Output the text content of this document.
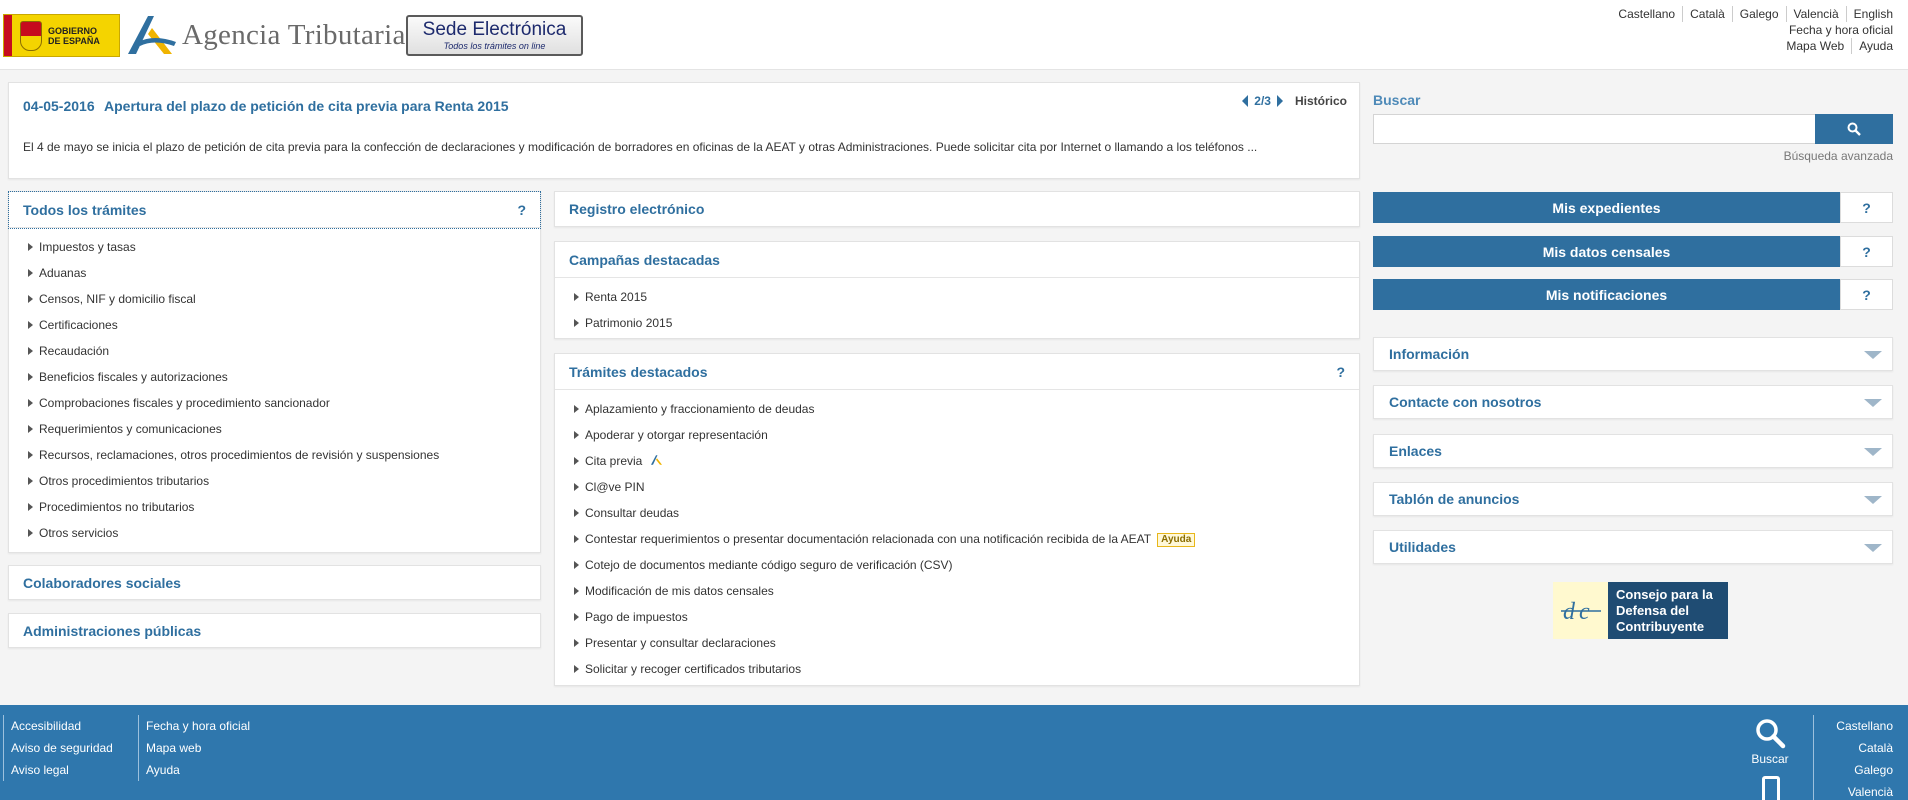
GOBIERNO DE ESPAÑA	Agencia Tributaria Sede Electrónica
Todos los trámites on line
Castellano	Català	Galego	Valencià	English
Fecha y hora oficial
Mapa Web	Ayuda
04-05-2016 Apertura del plazo de petición de cita previa para Renta 2015	2/3 Histórico
El 4 de mayo se inicia el plazo de petición de cita previa para la confección de declaraciones y modificación de borradores en oficinas de la AEAT y otras Administraciones. Puede solicitar cita por Internet o llamando a los teléfonos ...
Todos los trámites	?
Impuestos y tasas
Aduanas
Censos, NIF y domicilio fiscal
Certificaciones
Recaudación
Beneficios fiscales y autorizaciones
Comprobaciones fiscales y procedimiento sancionador
Requerimientos y comunicaciones
Recursos, reclamaciones, otros procedimientos de revisión y suspensiones
Otros procedimientos tributarios
Procedimientos no tributarios
Otros servicios
Colaboradores sociales
Administraciones públicas
Registro electrónico
Campañas destacadas
Renta 2015
Patrimonio 2015
Trámites destacados	?
Aplazamiento y fraccionamiento de deudas
Apoderar y otorgar representación
Cita previa
Cl@ve PIN
Consultar deudas
Contestar requerimientos o presentar documentación relacionada con una notificación recibida de la AEAT Ayuda
Cotejo de documentos mediante código seguro de verificación (CSV)
Modificación de mis datos censales
Pago de impuestos
Presentar y consultar declaraciones
Solicitar y recoger certificados tributarios
Buscar
Búsqueda avanzada
Mis expedientes	?
Mis datos censales	?
Mis notificaciones	?
Información
Contacte con nosotros
Enlaces
Tablón de anuncios
Utilidades
d c
Consejo para la
Defensa del
Contribuyente
Accesibilidad
Aviso de seguridad
Aviso legal
Fecha y hora oficial
Mapa web
Ayuda
Buscar
Castellano
Català
Galego
Valencià
